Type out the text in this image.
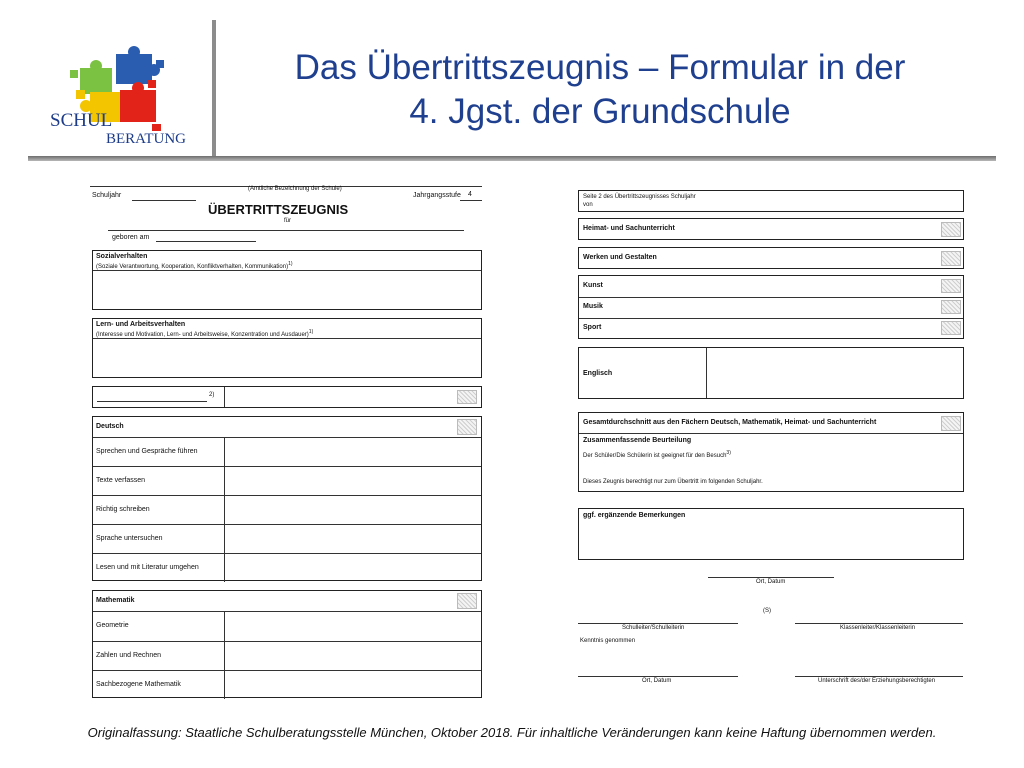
SCHUL
BERATUNG
Das Übertrittszeugnis – Formular in der
4. Jgst. der Grundschule
(Amtliche Bezeichnung der Schule)
Schuljahr	Jahrgangsstufe 4
ÜBERTRITTSZEUGNIS
für
geboren am
Sozialverhalten
(Soziale Verantwortung, Kooperation, Konfliktverhalten, Kommunikation)$^{1)}$
Lern- und Arbeitsverhalten
(Interesse und Motivation, Lern- und Arbeitsweise, Konzentration und Ausdauer)$^{1)}$
2)
Deutsch
Sprechen und Gespräche führen
Texte verfassen
Richtig schreiben
Sprache untersuchen
Lesen und mit Literatur umgehen
Mathematik
Geometrie
Zahlen und Rechnen
Sachbezogene Mathematik
Seite 2 des Übertrittszeugnisses Schuljahr
von
Heimat- und Sachunterricht
Werken und Gestalten
Kunst
Musik
Sport
Englisch
Gesamtdurchschnitt aus den Fächern Deutsch, Mathematik, Heimat- und Sachunterricht
Zusammenfassende Beurteilung
Der Schüler/Die Schülerin ist geeignet für den Besuch$^{3)}$
Dieses Zeugnis berechtigt nur zum Übertritt im folgenden Schuljahr.
ggf. ergänzende Bemerkungen
Ort, Datum
(S)
Schulleiter/Schulleiterin	Klassenleiter/Klassenleiterin
Kenntnis genommen
Ort, Datum	Unterschrift des/der Erziehungsberechtigten
Originalfassung: Staatliche Schulberatungsstelle München, Oktober 2018. Für inhaltliche Veränderungen kann keine Haftung übernommen werden.
